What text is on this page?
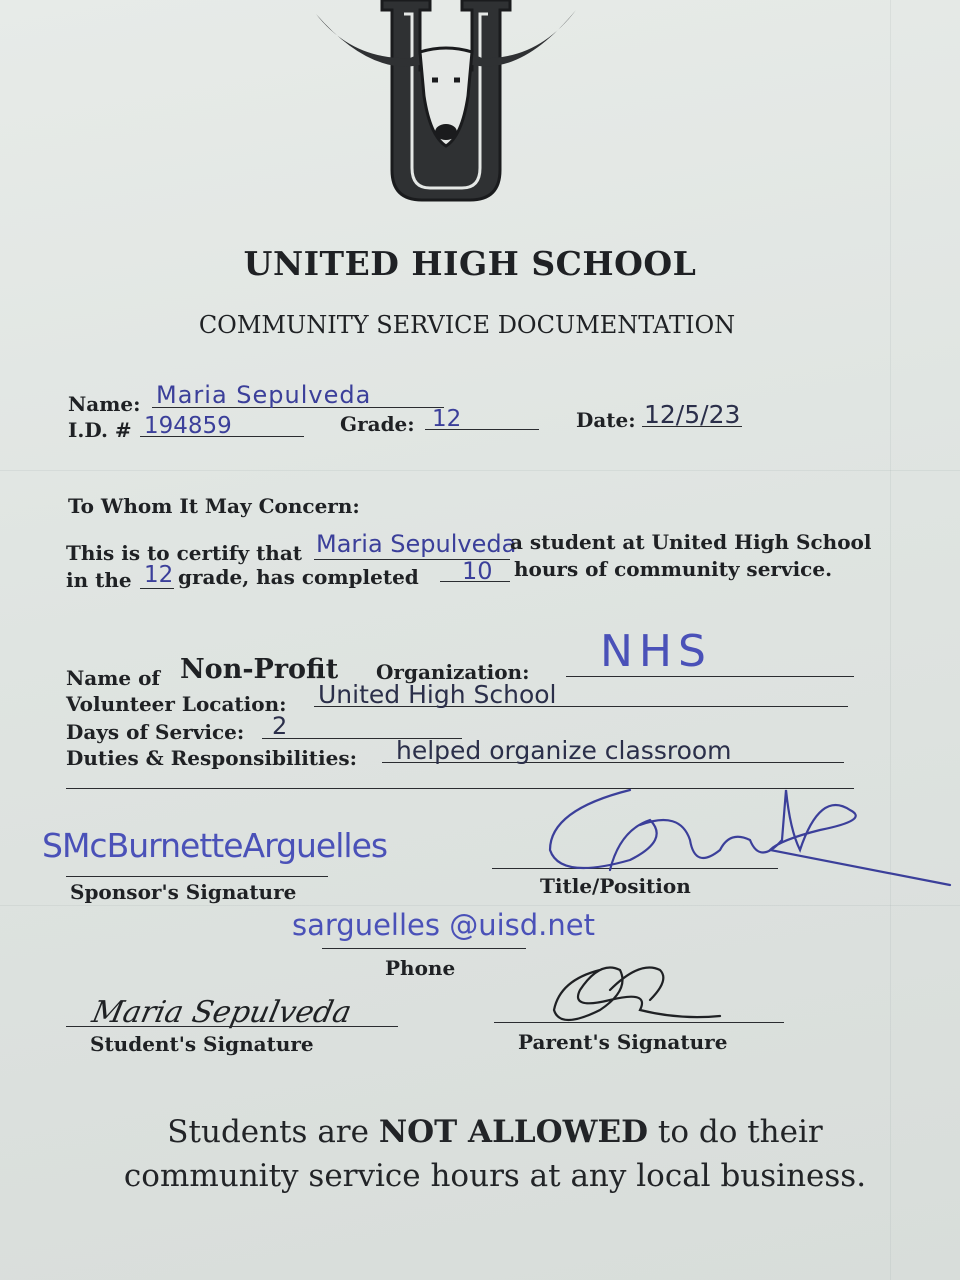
UNITED HIGH SCHOOL
COMMUNITY SERVICE DOCUMENTATION
Name: Maria Sepulveda
I.D. # 194859	Grade: 12	Date: 12/5/23
To Whom It May Concern:
This is to certify that Maria Sepulveda
a student at United High School
in the 12 grade, has completed 10 hours of community service.
Name of Non-Profit Organization: NHS
Volunteer Location: United High School
Days of Service: 2
Duties & Responsibilities: helped organize classroom
SMcBurnetteArguelles
Sponsor's Signature	Title/Position
sarguelles @uisd.net
Phone
Maria Sepulveda
Student's Signature	Parent's Signature
Students are NOT ALLOWED to do their
community service hours at any local business.
